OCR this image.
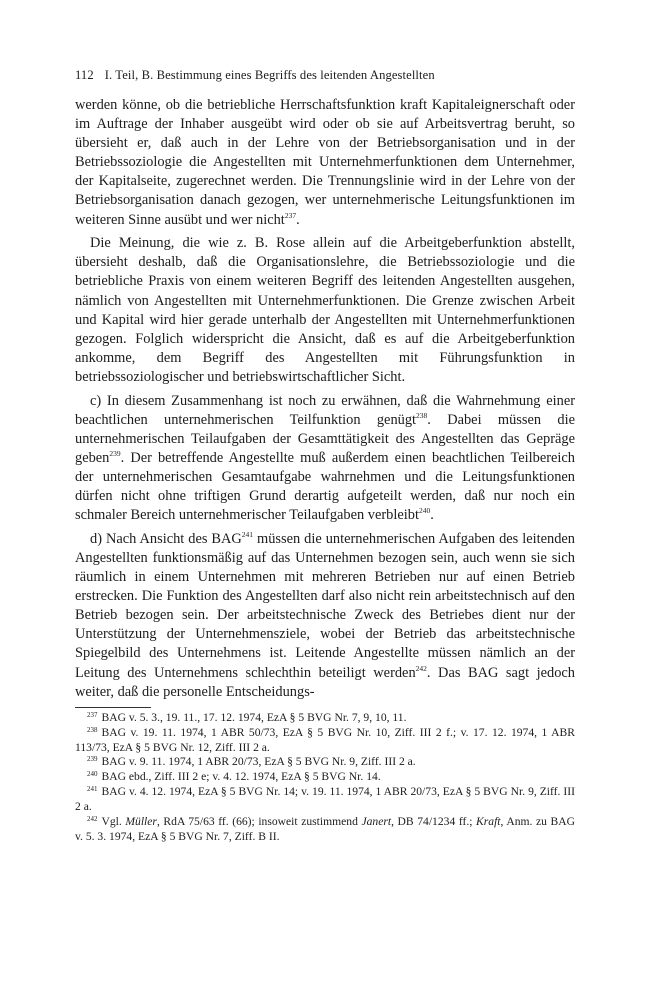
112 I. Teil, B. Bestimmung eines Begriffs des leitenden Angestellten

werden könne, ob die betriebliche Herrschaftsfunktion kraft Kapitaleignerschaft oder im Auftrage der Inhaber ausgeübt wird oder ob sie auf Arbeitsvertrag beruht, so übersieht er, daß auch in der Lehre von der Betriebsorganisation und in der Betriebssoziologie die Angestellten mit Unternehmerfunktionen dem Unternehmer, der Kapitalseite, zugerechnet werden. Die Trennungslinie wird in der Lehre von der Betriebsorganisation danach gezogen, wer unternehmerische Leitungsfunktionen im weiteren Sinne ausübt und wer nicht$^{237}$.

Die Meinung, die wie z. B. Rose allein auf die Arbeitgeberfunktion abstellt, übersieht deshalb, daß die Organisationslehre, die Betriebssoziologie und die betriebliche Praxis von einem weiteren Begriff des leitenden Angestellten ausgehen, nämlich von Angestellten mit Unternehmerfunktionen. Die Grenze zwischen Arbeit und Kapital wird hier gerade unterhalb der Angestellten mit Unternehmerfunktionen gezogen. Folglich widerspricht die Ansicht, daß es auf die Arbeitgeberfunktion ankomme, dem Begriff des Angestellten mit Führungsfunktion in betriebssoziologischer und betriebswirtschaftlicher Sicht.

c) In diesem Zusammenhang ist noch zu erwähnen, daß die Wahrnehmung einer beachtlichen unternehmerischen Teilfunktion genügt$^{238}$. Dabei müssen die unternehmerischen Teilaufgaben der Gesamttätigkeit des Angestellten das Gepräge geben$^{239}$. Der betreffende Angestellte muß außerdem einen beachtlichen Teilbereich der unternehmerischen Gesamtaufgabe wahrnehmen und die Leitungsfunktionen dürfen nicht ohne triftigen Grund derartig aufgeteilt werden, daß nur noch ein schmaler Bereich unternehmerischer Teilaufgaben verbleibt$^{240}$.

d) Nach Ansicht des BAG$^{241}$ müssen die unternehmerischen Aufgaben des leitenden Angestellten funktionsmäßig auf das Unternehmen bezogen sein, auch wenn sie sich räumlich in einem Unternehmen mit mehreren Betrieben nur auf einen Betrieb erstrecken. Die Funktion des Angestellten darf also nicht rein arbeitstechnisch auf den Betrieb bezogen sein. Der arbeitstechnische Zweck des Betriebes dient nur der Unterstützung der Unternehmensziele, wobei der Betrieb das arbeitstechnische Spiegelbild des Unternehmens ist. Leitende Angestellte müssen nämlich an der Leitung des Unternehmens schlechthin beteiligt werden$^{242}$. Das BAG sagt jedoch weiter, daß die personelle Entscheidungs-

$^{237}$ BAG v. 5. 3., 19. 11., 17. 12. 1974, EzA § 5 BVG Nr. 7, 9, 10, 11.

$^{238}$ BAG v. 19. 11. 1974, 1 ABR 50/73, EzA § 5 BVG Nr. 10, Ziff. III 2 f.; v. 17. 12. 1974, 1 ABR 113/73, EzA § 5 BVG Nr. 12, Ziff. III 2 a.

$^{239}$ BAG v. 9. 11. 1974, 1 ABR 20/73, EzA § 5 BVG Nr. 9, Ziff. III 2 a.

$^{240}$ BAG ebd., Ziff. III 2 e; v. 4. 12. 1974, EzA § 5 BVG Nr. 14.

$^{241}$ BAG v. 4. 12. 1974, EzA § 5 BVG Nr. 14; v. 19. 11. 1974, 1 ABR 20/73, EzA § 5 BVG Nr. 9, Ziff. III 2 a.

$^{242}$ Vgl. Müller, RdA 75/63 ff. (66); insoweit zustimmend Janert, DB 74/1234 ff.; Kraft, Anm. zu BAG v. 5. 3. 1974, EzA § 5 BVG Nr. 7, Ziff. B II.
